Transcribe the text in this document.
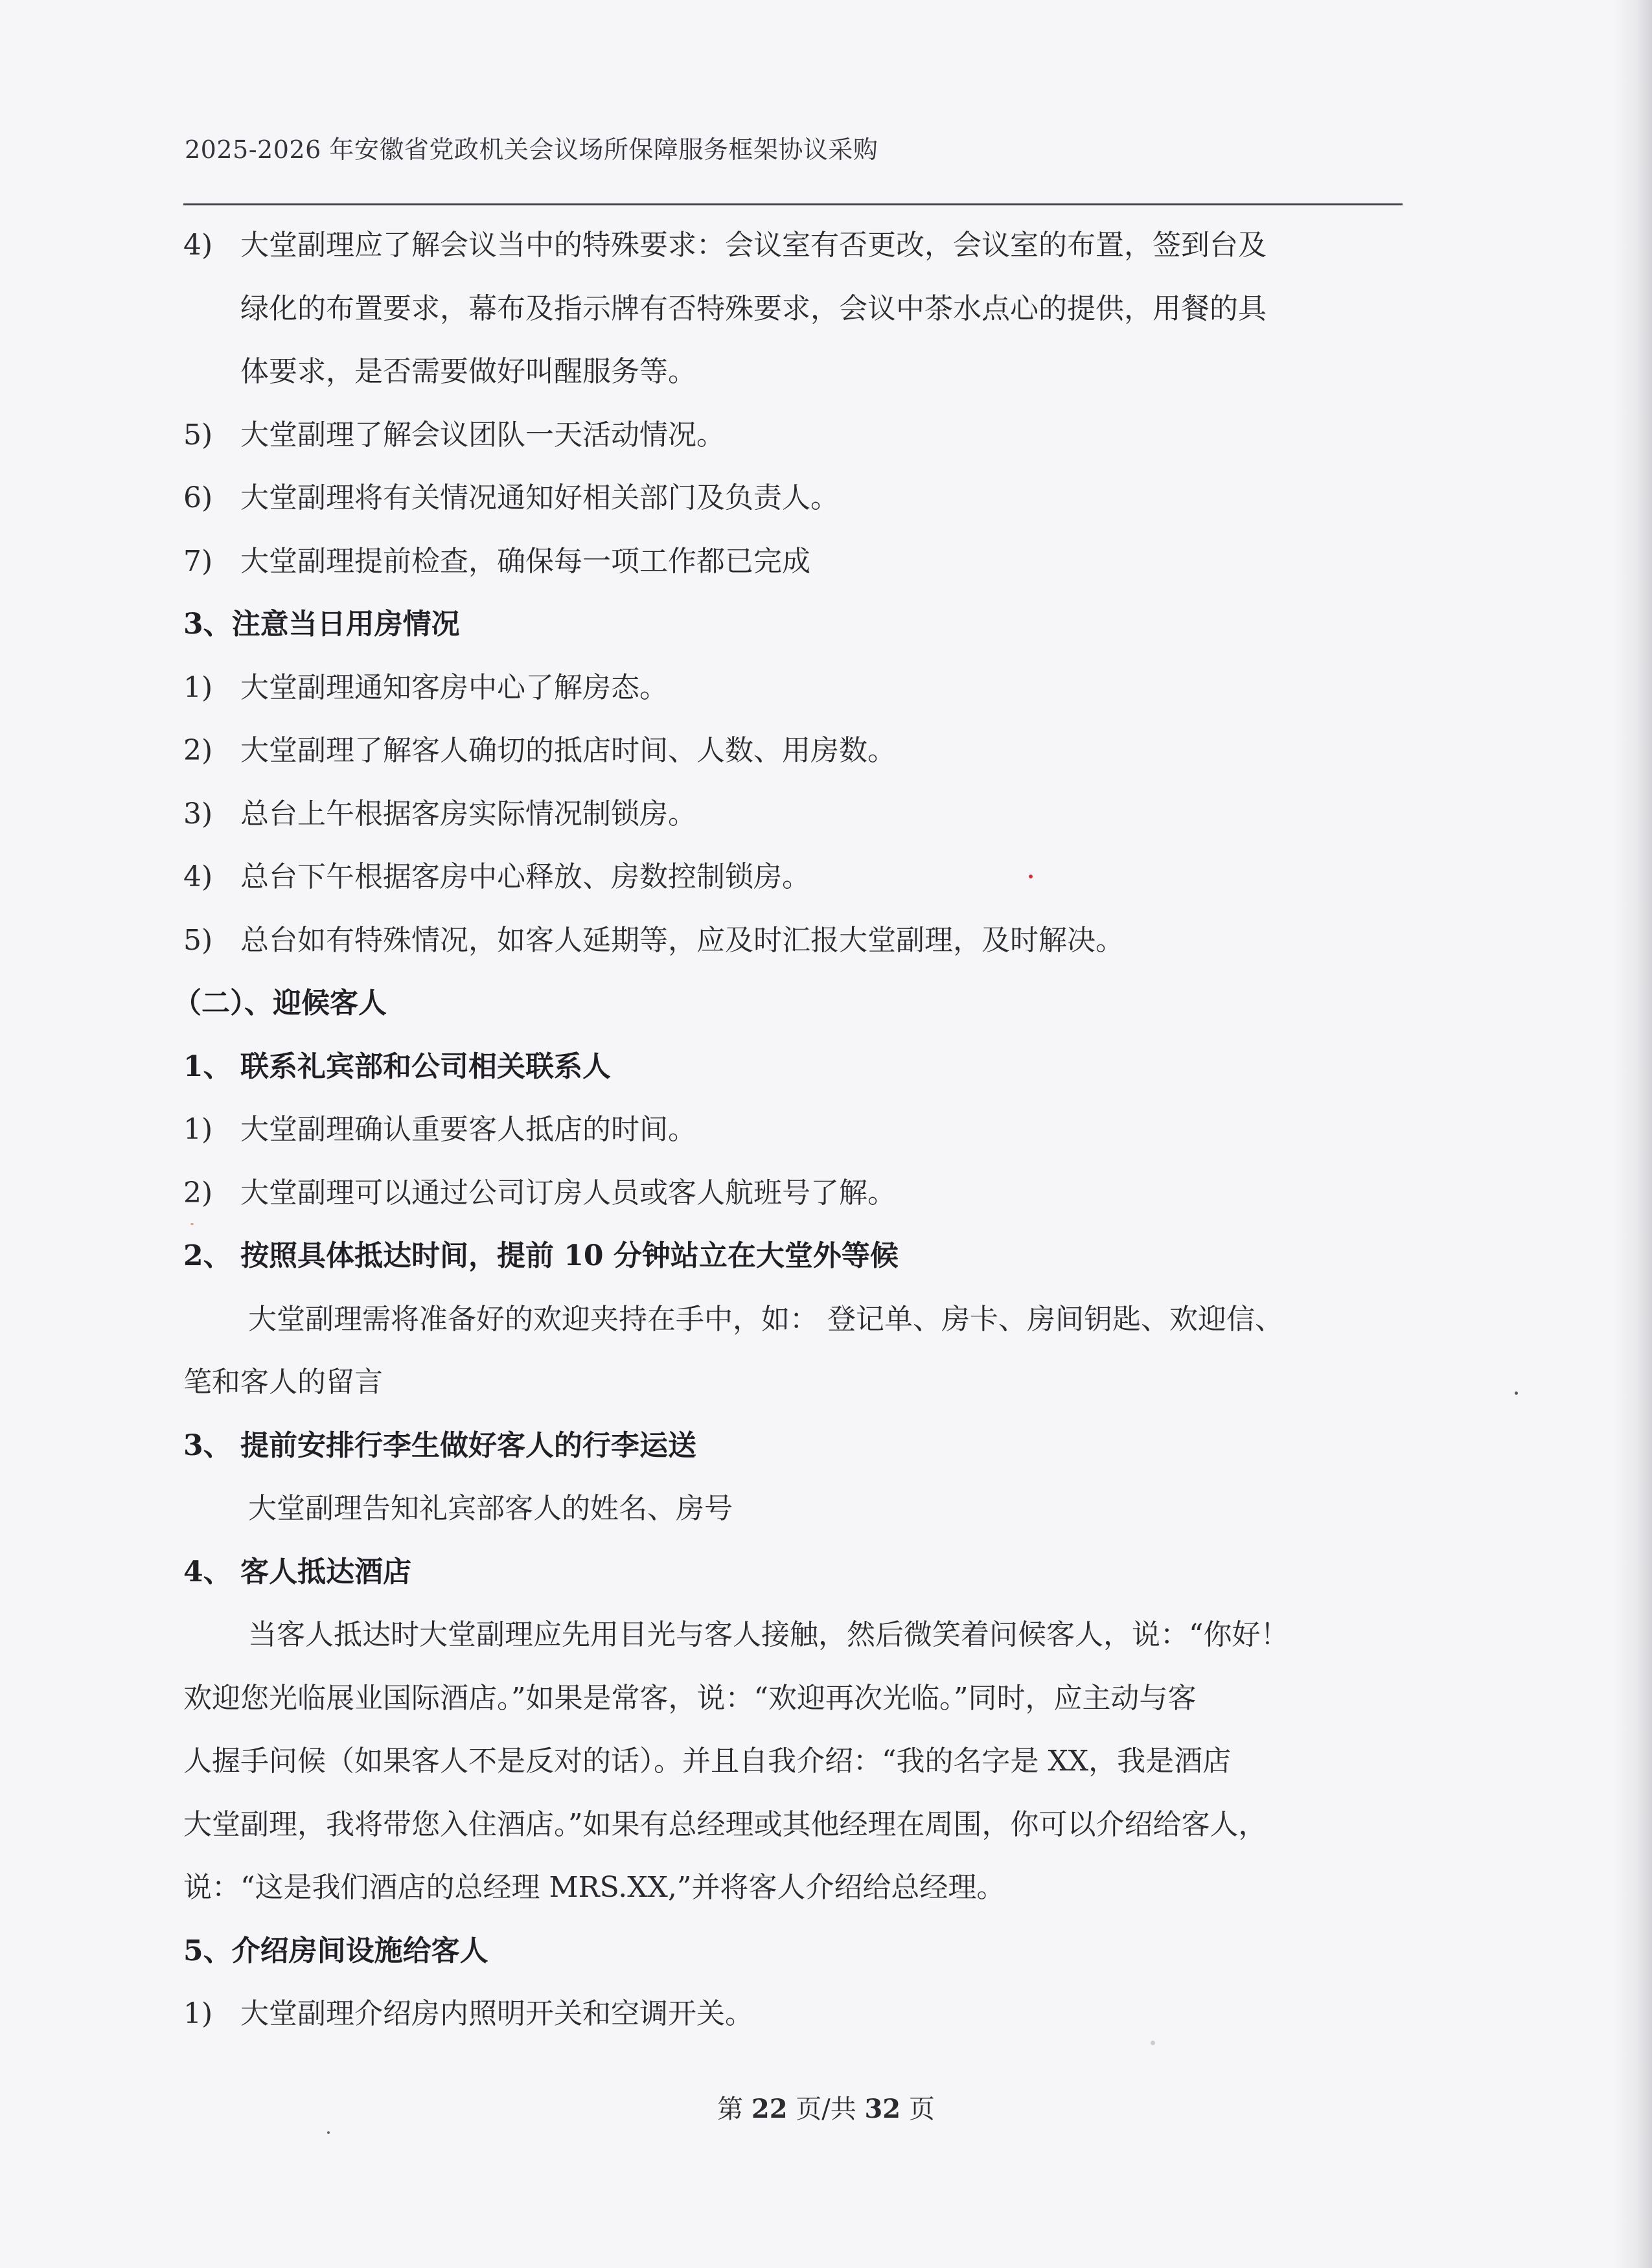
2025-2026 年安徽省党政机关会议场所保障服务框架协议采购
4) 大堂副理应了解会议当中的特殊要求：会议室有否更改，会议室的布置，签到台及
绿化的布置要求，幕布及指示牌有否特殊要求，会议中茶水点心的提供，用餐的具
体要求，是否需要做好叫醒服务等。
5) 大堂副理了解会议团队一天活动情况。
6) 大堂副理将有关情况通知好相关部门及负责人。
7) 大堂副理提前检查，确保每一项工作都已完成
3、注意当日用房情况
1) 大堂副理通知客房中心了解房态。
2) 大堂副理了解客人确切的抵店时间、人数、用房数。
3) 总台上午根据客房实际情况制锁房。
4) 总台下午根据客房中心释放、房数控制锁房。
5) 总台如有特殊情况，如客人延期等，应及时汇报大堂副理，及时解决。
（二）、迎候客人
1、 联系礼宾部和公司相关联系人
1) 大堂副理确认重要客人抵店的时间。
2) 大堂副理可以通过公司订房人员或客人航班号了解。
2、 按照具体抵达时间，提前 10 分钟站立在大堂外等候
大堂副理需将准备好的欢迎夹持在手中，如： 登记单、房卡、房间钥匙、欢迎信、
笔和客人的留言
3、 提前安排行李生做好客人的行李运送
大堂副理告知礼宾部客人的姓名、房号
4、 客人抵达酒店
当客人抵达时大堂副理应先用目光与客人接触，然后微笑着问候客人，说：“你好！
欢迎您光临展业国际酒店。”如果是常客，说：“欢迎再次光临。”同时，应主动与客
人握手问候（如果客人不是反对的话）。并且自我介绍：“我的名字是 XX，我是酒店
大堂副理，我将带您入住酒店。”如果有总经理或其他经理在周围，你可以介绍给客人，
说：“这是我们酒店的总经理 MRS.XX,”并将客人介绍给总经理。
5、介绍房间设施给客人
1) 大堂副理介绍房内照明开关和空调开关。
第 22 页/共 32 页
